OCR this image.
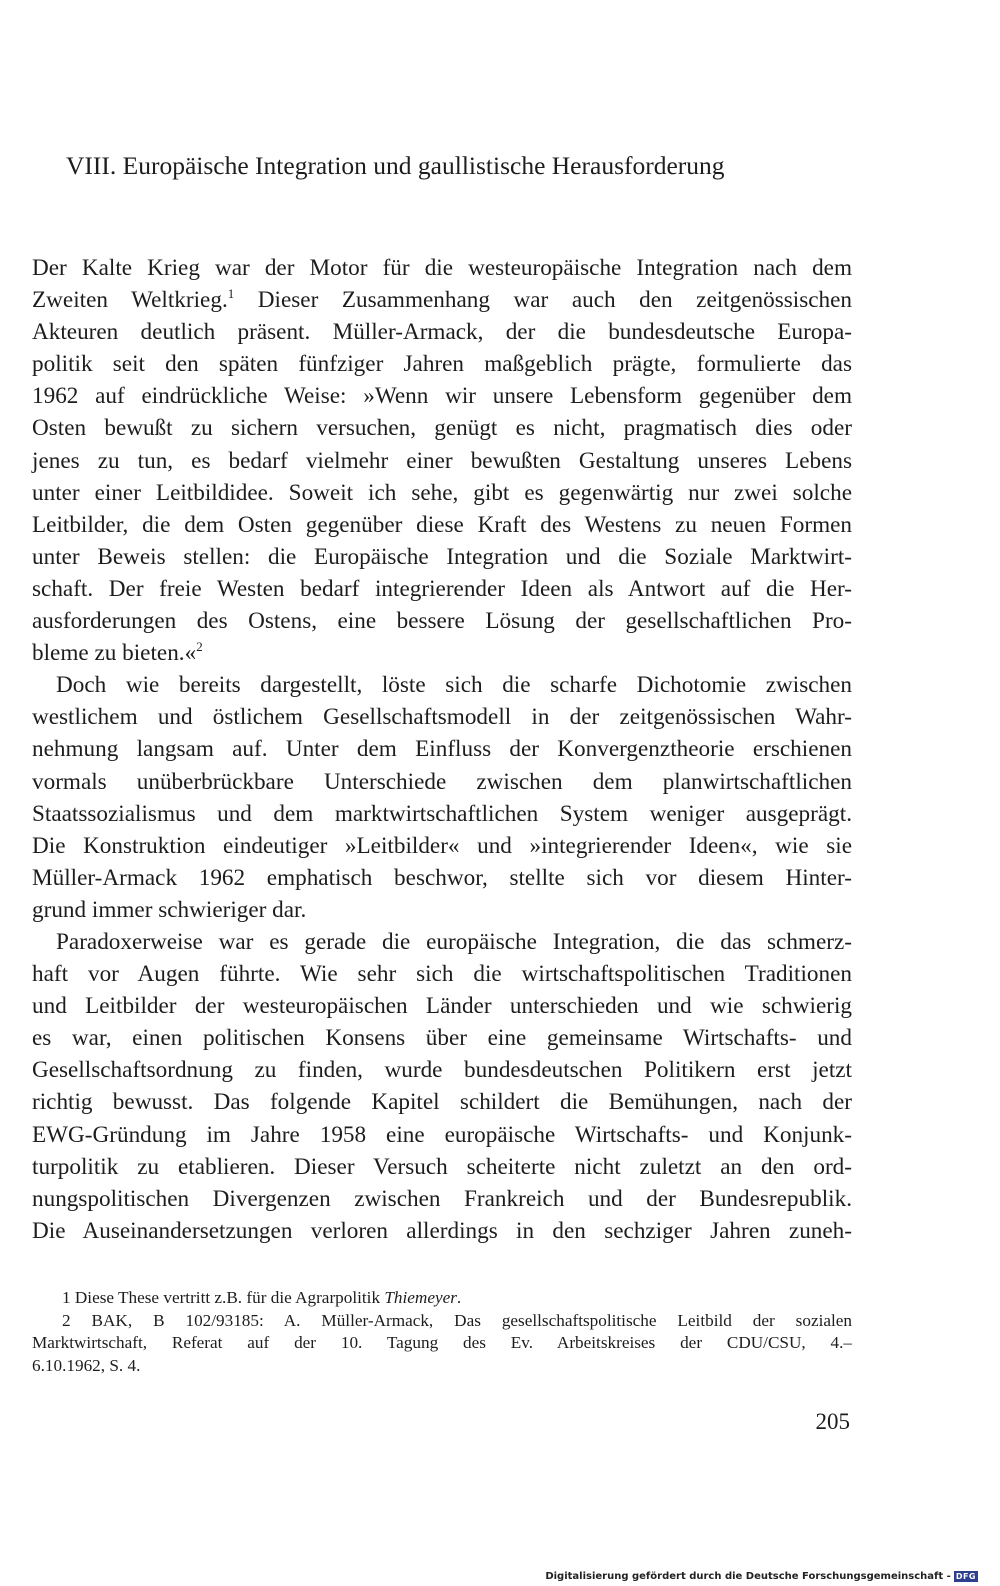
VIII. Europäische Integration und gaullistische Herausforderung
Der Kalte Krieg war der Motor für die westeuropäische Integration nach dem
Zweiten Weltkrieg.$^1$ Dieser Zusammenhang war auch den zeitgenössischen
Akteuren deutlich präsent. Müller-Armack, der die bundesdeutsche Europa-
politik seit den späten fünfziger Jahren maßgeblich prägte, formulierte das
1962 auf eindrückliche Weise: »Wenn wir unsere Lebensform gegenüber dem
Osten bewußt zu sichern versuchen, genügt es nicht, pragmatisch dies oder
jenes zu tun, es bedarf vielmehr einer bewußten Gestaltung unseres Lebens
unter einer Leitbildidee. Soweit ich sehe, gibt es gegenwärtig nur zwei solche
Leitbilder, die dem Osten gegenüber diese Kraft des Westens zu neuen Formen
unter Beweis stellen: die Europäische Integration und die Soziale Marktwirt-
schaft. Der freie Westen bedarf integrierender Ideen als Antwort auf die Her-
ausforderungen des Ostens, eine bessere Lösung der gesellschaftlichen Pro-
bleme zu bieten.«$^2$
Doch wie bereits dargestellt, löste sich die scharfe Dichotomie zwischen
westlichem und östlichem Gesellschaftsmodell in der zeitgenössischen Wahr-
nehmung langsam auf. Unter dem Einfluss der Konvergenztheorie erschienen
vormals unüberbrückbare Unterschiede zwischen dem planwirtschaftlichen
Staatssozialismus und dem marktwirtschaftlichen System weniger ausgeprägt.
Die Konstruktion eindeutiger »Leitbilder« und »integrierender Ideen«, wie sie
Müller-Armack 1962 emphatisch beschwor, stellte sich vor diesem Hinter-
grund immer schwieriger dar.
Paradoxerweise war es gerade die europäische Integration, die das schmerz-
haft vor Augen führte. Wie sehr sich die wirtschaftspolitischen Traditionen
und Leitbilder der westeuropäischen Länder unterschieden und wie schwierig
es war, einen politischen Konsens über eine gemeinsame Wirtschafts- und
Gesellschaftsordnung zu finden, wurde bundesdeutschen Politikern erst jetzt
richtig bewusst. Das folgende Kapitel schildert die Bemühungen, nach der
EWG-Gründung im Jahre 1958 eine europäische Wirtschafts- und Konjunk-
turpolitik zu etablieren. Dieser Versuch scheiterte nicht zuletzt an den ord-
nungspolitischen Divergenzen zwischen Frankreich und der Bundesrepublik.
Die Auseinandersetzungen verloren allerdings in den sechziger Jahren zuneh-
1 Diese These vertritt z.B. für die Agrarpolitik Thiemeyer.
2 BAK, B 102/93185: A. Müller-Armack, Das gesellschaftspolitische Leitbild der sozialen
Marktwirtschaft, Referat auf der 10. Tagung des Ev. Arbeitskreises der CDU/CSU, 4.–
6.10.1962, S. 4.

205

Digitalisierung gefördert durch die Deutsche Forschungsgemeinschaft - DFG
